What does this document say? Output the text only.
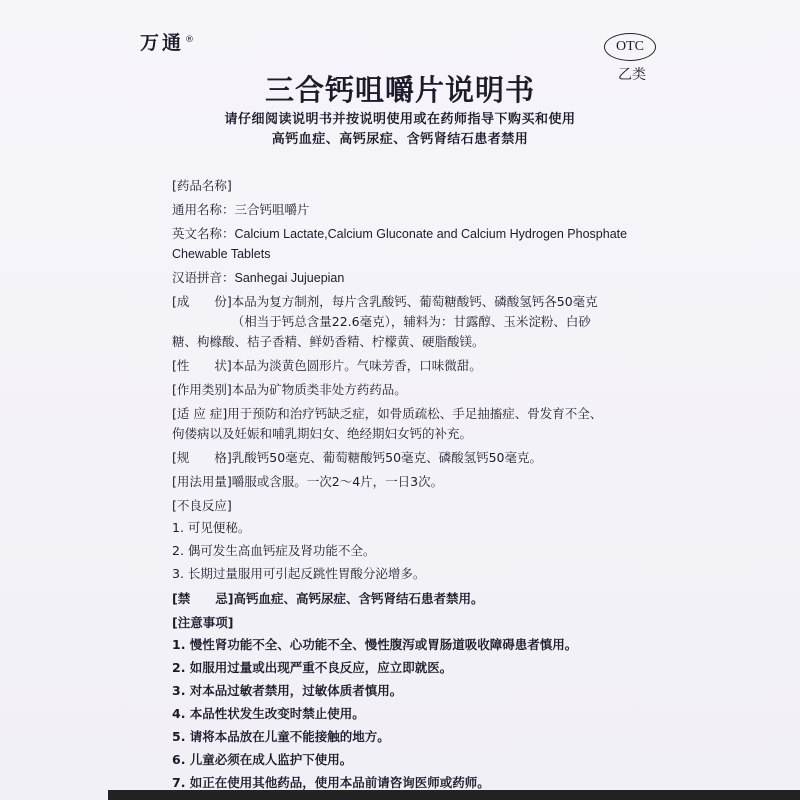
万通®	OTC
乙类
三合钙咀嚼片说明书
请仔细阅读说明书并按说明使用或在药师指导下购买和使用
高钙血症、高钙尿症、含钙肾结石患者禁用
[药品名称]
通用名称： 三合钙咀嚼片
英文名称： Calcium Lactate,Calcium Gluconate and Calcium Hydrogen Phosphate
Chewable Tablets
汉语拼音： Sanhegai Jujuepian
[成　　份] 本品为复方制剂，每片含乳酸钙、葡萄糖酸钙、磷酸氢钙各50毫克
（相当于钙总含量22.6毫克），辅料为：甘露醇、玉米淀粉、白砂
糖、枸橼酸、桔子香精、鲜奶香精、柠檬黄、硬脂酸镁。
[性　　状] 本品为淡黄色圆形片。气味芳香，口味微甜。
[作用类别] 本品为矿物质类非处方药药品。
[适 应 症] 用于预防和治疗钙缺乏症，如骨质疏松、手足抽搐症、骨发育不全、
佝偻病以及妊娠和哺乳期妇女、绝经期妇女钙的补充。
[规　　格] 乳酸钙50毫克、葡萄糖酸钙50毫克、磷酸氢钙50毫克。
[用法用量] 嚼服或含服。一次2～4片，一日3次。
[不良反应]
1. 可见便秘。
2. 偶可发生高血钙症及肾功能不全。
3. 长期过量服用可引起反跳性胃酸分泌增多。
[禁　　忌] 高钙血症、高钙尿症、含钙肾结石患者禁用。
[注意事项]
1. 慢性肾功能不全、心功能不全、慢性腹泻或胃肠道吸收障碍患者慎用。
2. 如服用过量或出现严重不良反应，应立即就医。
3. 对本品过敏者禁用，过敏体质者慎用。
4. 本品性状发生改变时禁止使用。
5. 请将本品放在儿童不能接触的地方。
6. 儿童必须在成人监护下使用。
7. 如正在使用其他药品，使用本品前请咨询医师或药师。
